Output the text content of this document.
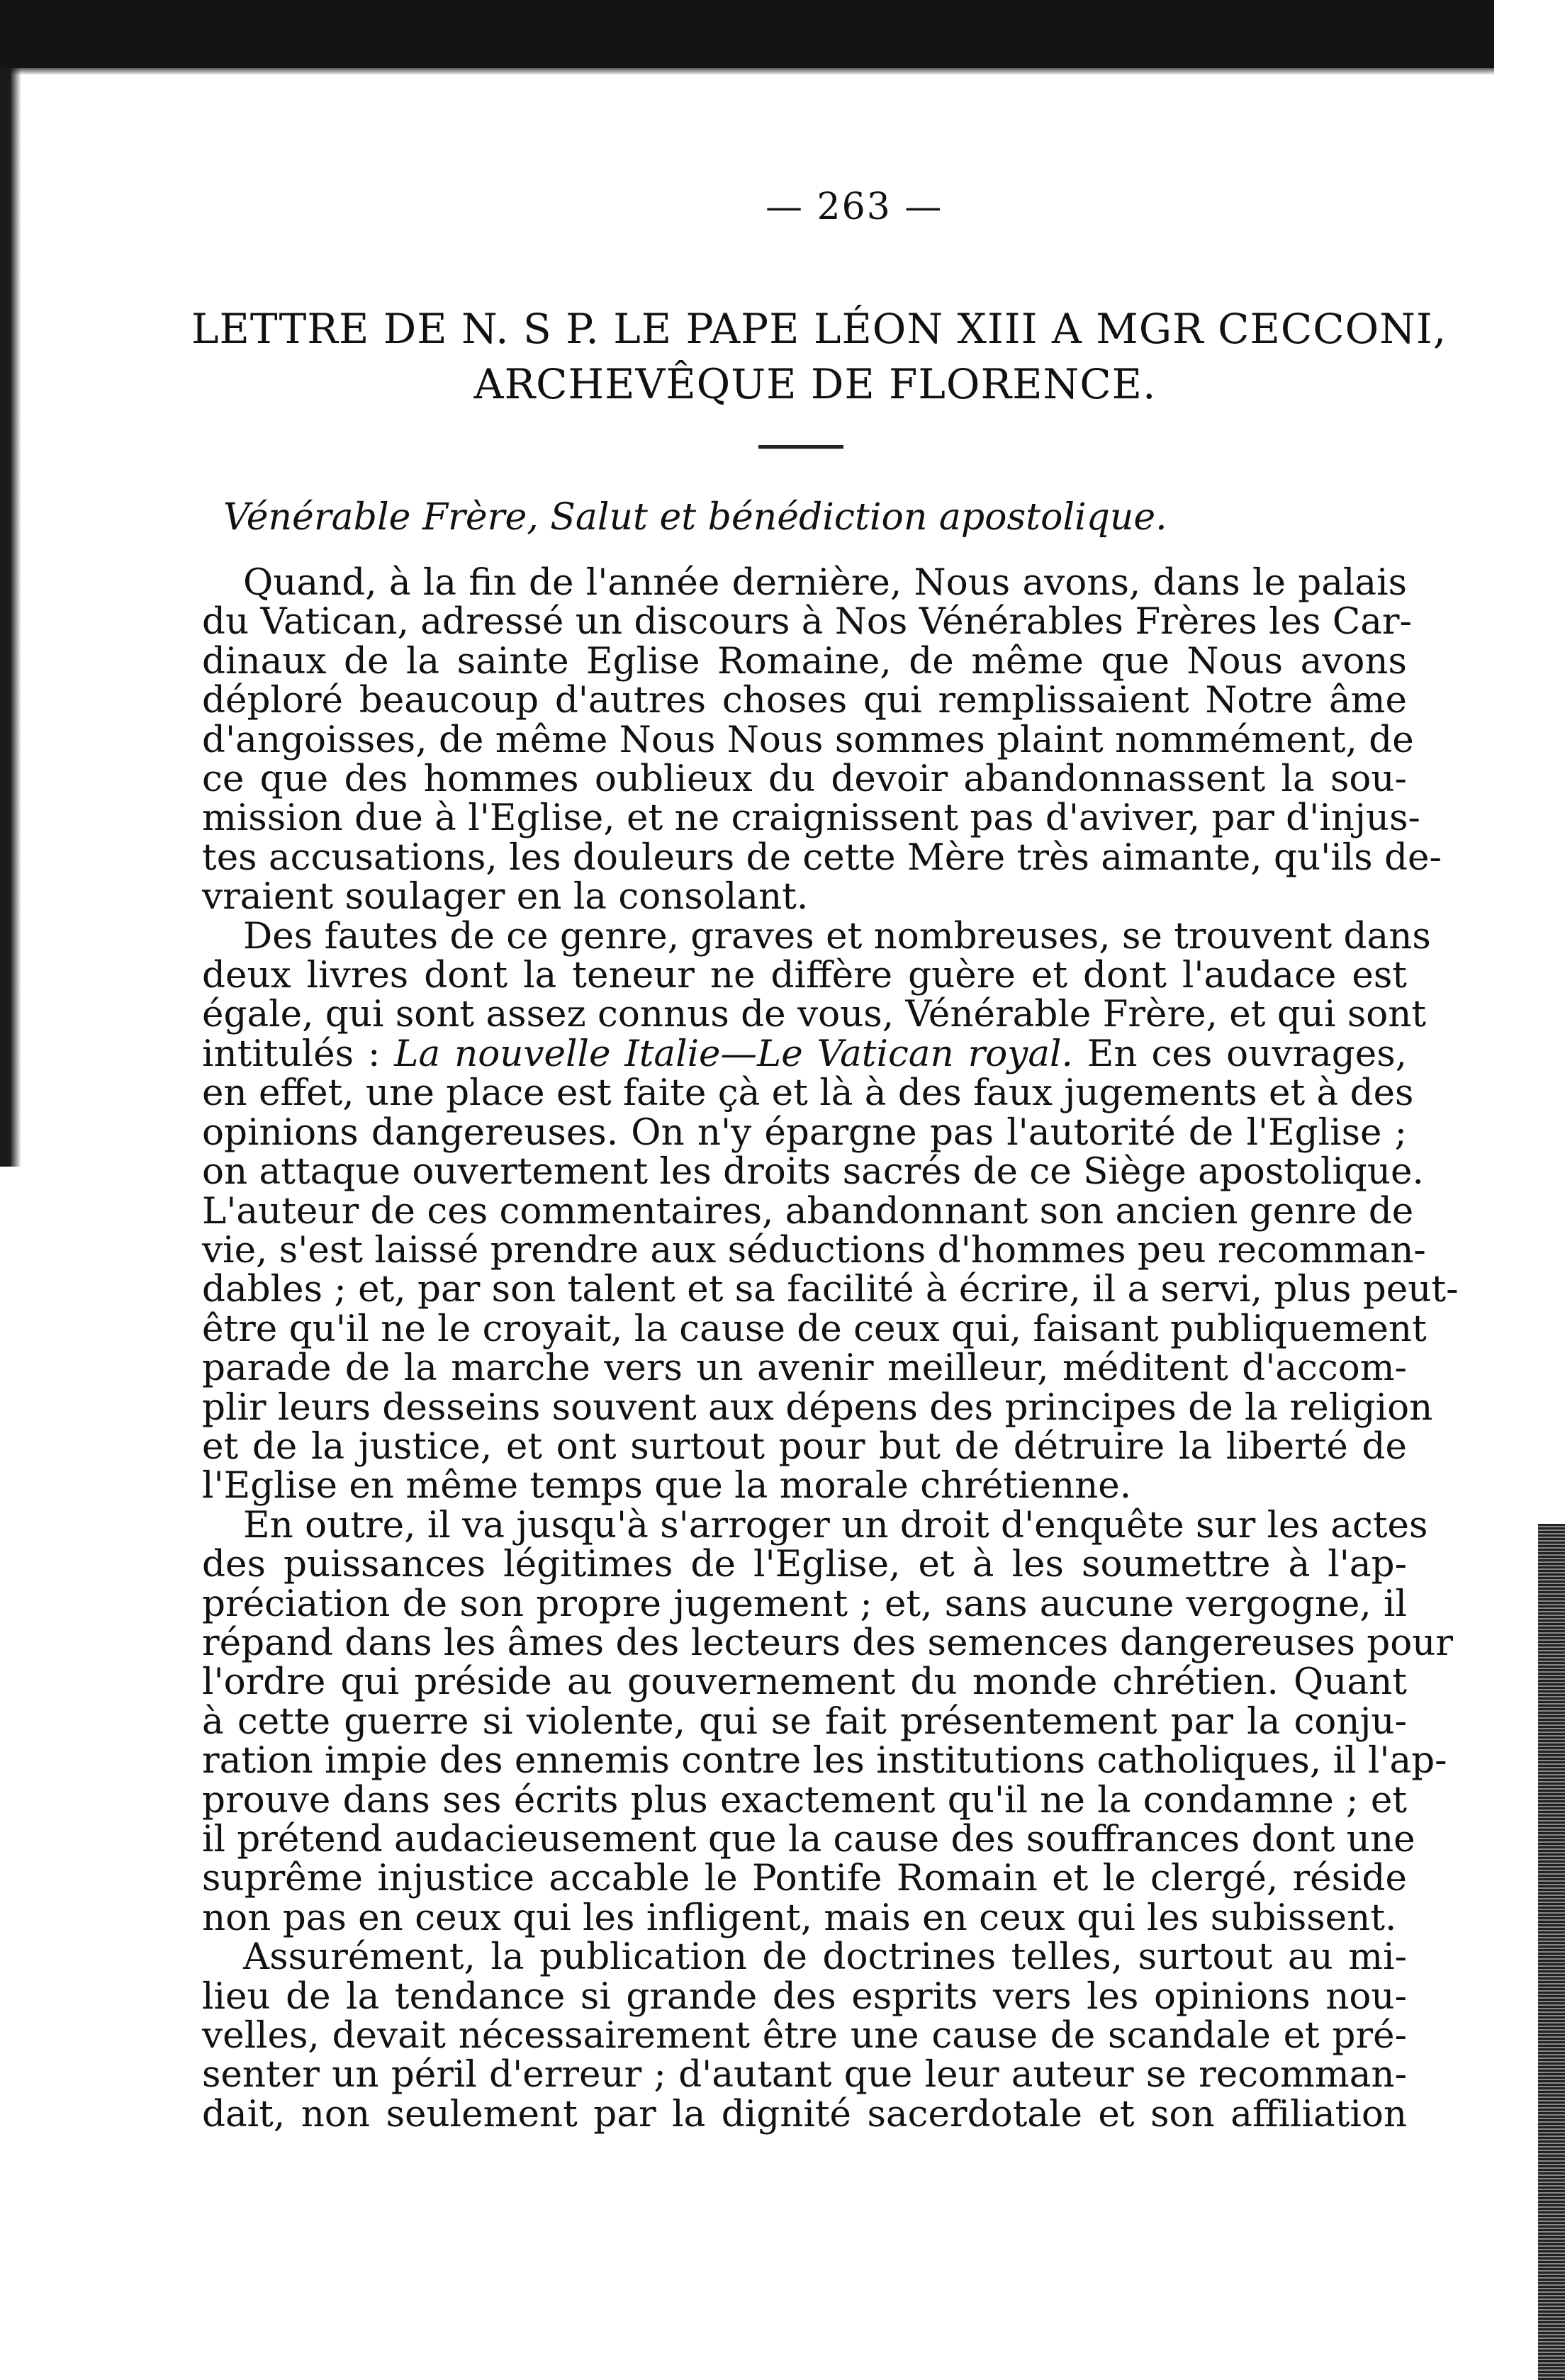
— 263 —
LETTRE DE N. S P. LE PAPE LÉON XIII A MGR CECCONI,
ARCHEVÊQUE DE FLORENCE.
Vénérable Frère, Salut et bénédiction apostolique.
Quand, à la fin de l'année dernière, Nous avons, dans le palais
du Vatican, adressé un discours à Nos Vénérables Frères les Car-
dinaux de la sainte Eglise Romaine, de même que Nous avons
déploré beaucoup d'autres choses qui remplissaient Notre âme
d'angoisses, de même Nous Nous sommes plaint nommément, de
ce que des hommes oublieux du devoir abandonnassent la sou-
mission due à l'Eglise, et ne craignissent pas d'aviver, par d'injus-
tes accusations, les douleurs de cette Mère très aimante, qu'ils de-
vraient soulager en la consolant.
Des fautes de ce genre, graves et nombreuses, se trouvent dans
deux livres dont la teneur ne diffère guère et dont l'audace est
égale, qui sont assez connus de vous, Vénérable Frère, et qui sont
intitulés : La nouvelle Italie—Le Vatican royal. En ces ouvrages,
en effet, une place est faite çà et là à des faux jugements et à des
opinions dangereuses. On n'y épargne pas l'autorité de l'Eglise ;
on attaque ouvertement les droits sacrés de ce Siège apostolique.
L'auteur de ces commentaires, abandonnant son ancien genre de
vie, s'est laissé prendre aux séductions d'hommes peu recomman-
dables ; et, par son talent et sa facilité à écrire, il a servi, plus peut-
être qu'il ne le croyait, la cause de ceux qui, faisant publiquement
parade de la marche vers un avenir meilleur, méditent d'accom-
plir leurs desseins souvent aux dépens des principes de la religion
et de la justice, et ont surtout pour but de détruire la liberté de
l'Eglise en même temps que la morale chrétienne.
En outre, il va jusqu'à s'arroger un droit d'enquête sur les actes
des puissances légitimes de l'Eglise, et à les soumettre à l'ap-
préciation de son propre jugement ; et, sans aucune vergogne, il
répand dans les âmes des lecteurs des semences dangereuses pour
l'ordre qui préside au gouvernement du monde chrétien. Quant
à cette guerre si violente, qui se fait présentement par la conju-
ration impie des ennemis contre les institutions catholiques, il l'ap-
prouve dans ses écrits plus exactement qu'il ne la condamne ; et
il prétend audacieusement que la cause des souffrances dont une
suprême injustice accable le Pontife Romain et le clergé, réside
non pas en ceux qui les infligent, mais en ceux qui les subissent.
Assurément, la publication de doctrines telles, surtout au mi-
lieu de la tendance si grande des esprits vers les opinions nou-
velles, devait nécessairement être une cause de scandale et pré-
senter un péril d'erreur ; d'autant que leur auteur se recomman-
dait, non seulement par la dignité sacerdotale et son affiliation
